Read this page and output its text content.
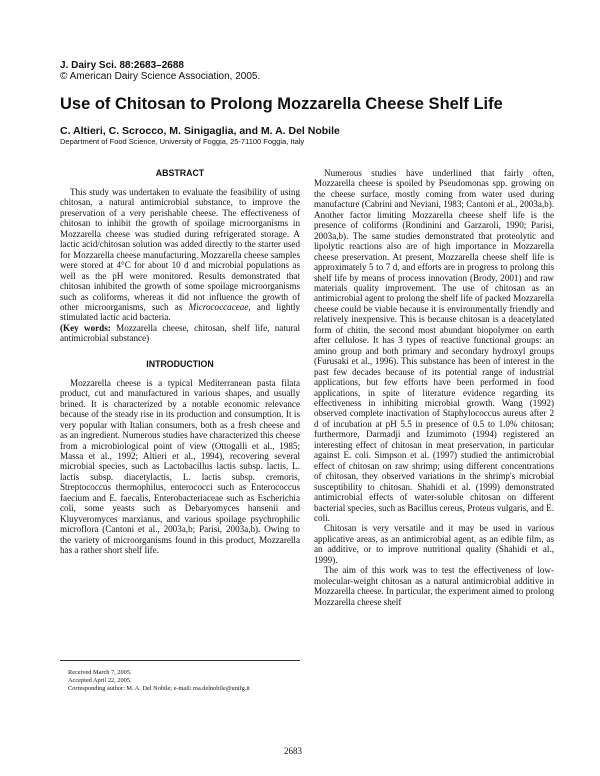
J. Dairy Sci. 88:2683–2688
© American Dairy Science Association, 2005.
Use of Chitosan to Prolong Mozzarella Cheese Shelf Life
C. Altieri, C. Scrocco, M. Sinigaglia, and M. A. Del Nobile
Department of Food Science, University of Foggia, 25-71100 Foggia, Italy
ABSTRACT

This study was undertaken to evaluate the feasibility of using chitosan, a natural antimicrobial substance, to improve the preservation of a very perishable cheese. The effectiveness of chitosan to inhibit the growth of spoilage microorganisms in Mozzarella cheese was studied during refrigerated storage. A lactic acid/chitosan solution was added directly to the starter used for Mozzarella cheese manufacturing. Mozzarella cheese samples were stored at 4°C for about 10 d and microbial populations as well as the pH were monitored. Results demonstrated that chitosan inhibited the growth of some spoilage microorganisms such as coliforms, whereas it did not influence the growth of other microorganisms, such as Micrococcaceae, and lightly stimulated lactic acid bacteria.

(Key words: Mozzarella cheese, chitosan, shelf life, natural antimicrobial substance)

INTRODUCTION

Mozzarella cheese is a typical Mediterranean pasta filata product, cut and manufactured in various shapes, and usually brined. It is characterized by a notable economic relevance because of the steady rise in its production and consumption. It is very popular with Italian consumers, both as a fresh cheese and as an ingredient. Numerous studies have characterized this cheese from a microbiological point of view (Ottogalli et al., 1985; Massa et al., 1992; Altieri et al., 1994), recovering several microbial species, such as Lactobacillus lactis subsp. lactis, L. lactis subsp. diacetylactis, L. lactis subsp. cremoris, Streptococcus thermophilus, enterococci such as Enterococcus faecium and E. faecalis, Enterobacteriaceae such as Escherichia coli, some yeasts such as Debaryomyces hansenii and Kluyveromyces marxianus, and various spoilage psychrophilic microflora (Cantoni et al., 2003a,b; Parisi, 2003a,b). Owing to the variety of microorganisms found in this product, Mozzarella has a rather short shelf life.

Numerous studies have underlined that fairly often, Mozzarella cheese is spoiled by Pseudomonas spp. growing on the cheese surface, mostly coming from water used during manufacture (Cabrini and Neviani, 1983; Cantoni et al., 2003a,b). Another factor limiting Mozzarella cheese shelf life is the presence of coliforms (Rondinini and Garzaroli, 1990; Parisi, 2003a,b). The same studies demonstrated that proteolytic and lipolytic reactions also are of high importance in Mozzarella cheese preservation. At present, Mozzarella cheese shelf life is approximately 5 to 7 d, and efforts are in progress to prolong this shelf life by means of process innovation (Brody, 2001) and raw materials quality improvement. The use of chitosan as an antimicrobial agent to prolong the shelf life of packed Mozzarella cheese could be viable because it is environmentally friendly and relatively inexpensive. This is because chitosan is a deacetylated form of chitin, the second most abundant biopolymer on earth after cellulose. It has 3 types of reactive functional groups: an amino group and both primary and secondary hydroxyl groups (Furusaki et al., 1996). This substance has been of interest in the past few decades because of its potential range of industrial applications, but few efforts have been performed in food applications, in spite of literature evidence regarding its effectiveness in inhibiting microbial growth. Wang (1992) observed complete inactivation of Staphylococcus aureus after 2 d of incubation at pH 5.5 in presence of 0.5 to 1.0% chitosan; furthermore, Darmadji and Izumimoto (1994) registered an interesting effect of chitosan in meat preservation, in particular against E. coli. Simpson et al. (1997) studied the antimicrobial effect of chitosan on raw shrimp; using different concentrations of chitosan, they observed variations in the shrimp's microbial susceptibility to chitosan. Shahidi et al. (1999) demonstrated antimicrobial effects of water-soluble chitosan on different bacterial species, such as Bacillus cereus, Proteus vulgaris, and E. coli.

Chitosan is very versatile and it may be used in various applicative areas, as an antimicrobial agent, as an edible film, as an additive, or to improve nutritional quality (Shahidi et al., 1999).

The aim of this work was to test the effectiveness of low-molecular-weight chitosan as a natural antimicrobial additive in Mozzarella cheese. In particular, the experiment aimed to prolong Mozzarella cheese shelf

Received March 7, 2005.
Accepted April 22, 2005.
Corresponding author: M. A. Del Nobile; e-mail: ma.delnobile@unifg.it
2683
